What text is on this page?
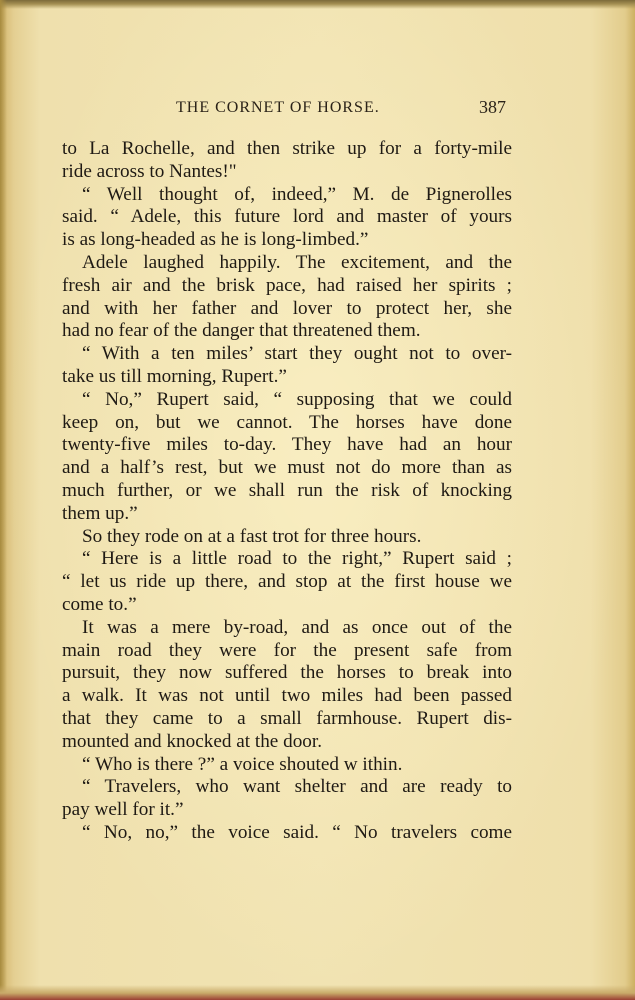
THE CORNET OF HORSE.	387
to La Rochelle, and then strike up for a forty-mile
ride across to Nantes!"
“ Well thought of, indeed,” M. de Pignerolles
said. “ Adele, this future lord and master of yours
is as long-headed as he is long-limbed.”
Adele laughed happily. The excitement, and the
fresh air and the brisk pace, had raised her spirits ;
and with her father and lover to protect her, she
had no fear of the danger that threatened them.
“ With a ten miles’ start they ought not to over-
take us till morning, Rupert.”
“ No,” Rupert said, “ supposing that we could
keep on, but we cannot. The horses have done
twenty-five miles to-day. They have had an hour
and a half’s rest, but we must not do more than as
much further, or we shall run the risk of knocking
them up.”
So they rode on at a fast trot for three hours.
“ Here is a little road to the right,” Rupert said ;
“ let us ride up there, and stop at the first house we
come to.”
It was a mere by-road, and as once out of the
main road they were for the present safe from
pursuit, they now suffered the horses to break into
a walk. It was not until two miles had been passed
that they came to a small farmhouse. Rupert dis-
mounted and knocked at the door.
“ Who is there ?” a voice shouted w ithin.
“ Travelers, who want shelter and are ready to
pay well for it.”
“ No, no,” the voice said. “ No travelers come
